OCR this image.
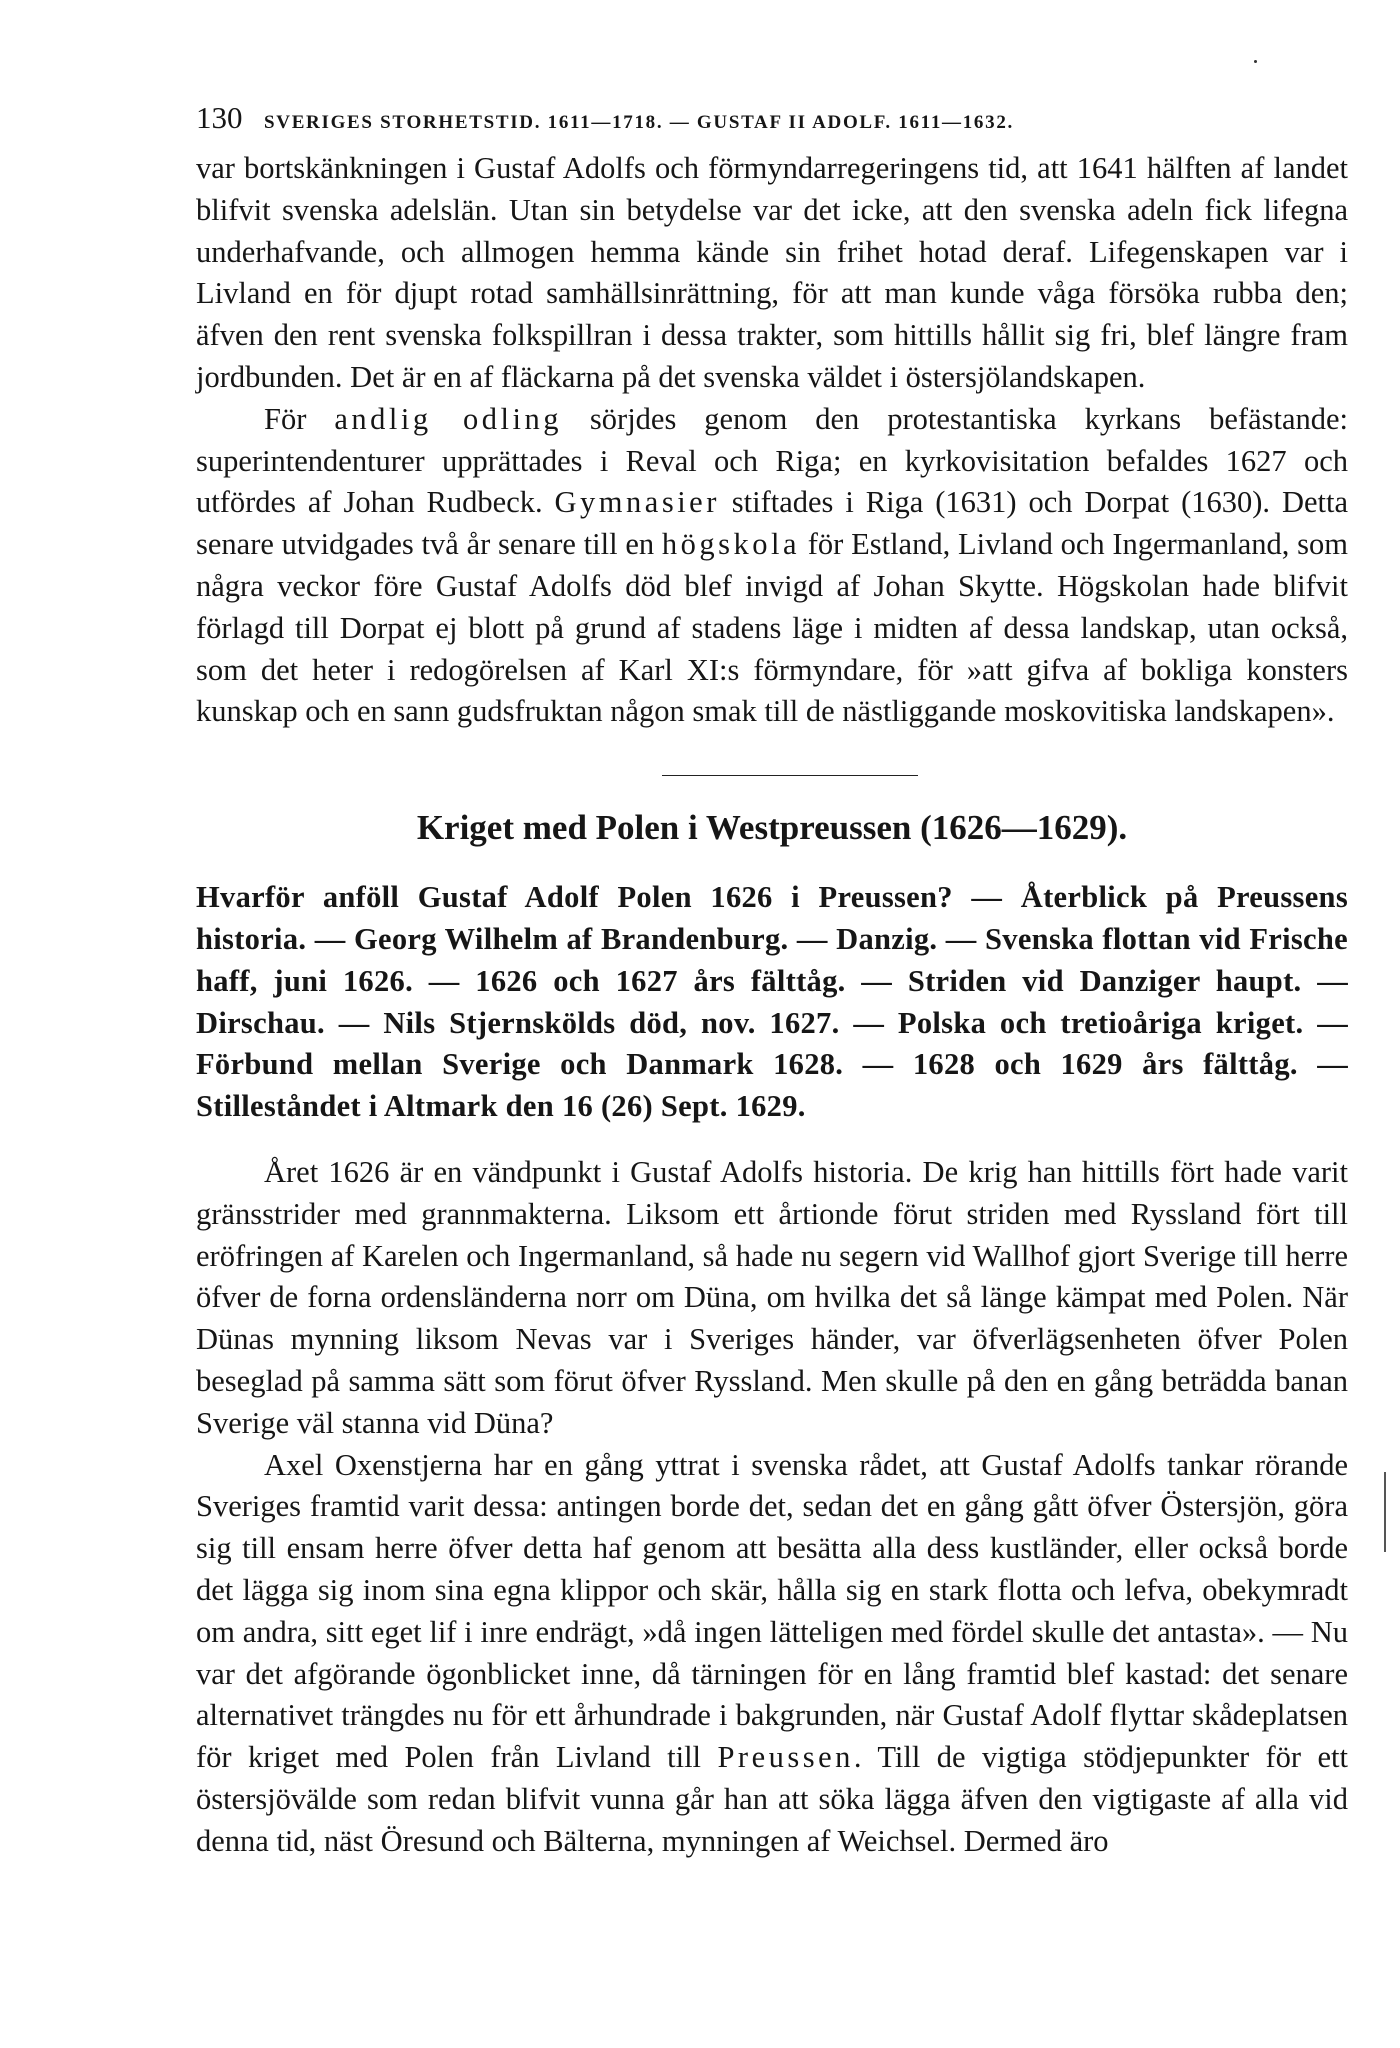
130	SVERIGES STORHETSTID. 1611—1718. — GUSTAF II ADOLF. 1611—1632.

var bortskänkningen i Gustaf Adolfs och förmyndarregeringens tid, att 1641 hälften af landet blifvit svenska adelslän. Utan sin betydelse var det icke, att den svenska adeln fick lifegna underhafvande, och allmogen hemma kände sin frihet hotad deraf. Lifegenskapen var i Livland en för djupt rotad samhällsinrättning, för att man kunde våga försöka rubba den; äfven den rent svenska folkspillran i dessa trakter, som hittills hållit sig fri, blef längre fram jordbunden. Det är en af fläckarna på det svenska väldet i östersjölandskapen.

För andlig odling sörjdes genom den protestantiska kyrkans befästande: superintendenturer upprättades i Reval och Riga; en kyrkovisitation befaldes 1627 och utfördes af Johan Rudbeck. Gymnasier stiftades i Riga (1631) och Dorpat (1630). Detta senare utvidgades två år senare till en högskola för Estland, Livland och Ingermanland, som några veckor före Gustaf Adolfs död blef invigd af Johan Skytte. Högskolan hade blifvit förlagd till Dorpat ej blott på grund af stadens läge i midten af dessa landskap, utan också, som det heter i redogörelsen af Karl XI:s förmyndare, för »att gifva af bokliga konsters kunskap och en sann gudsfruktan någon smak till de nästliggande moskovitiska landskapen».

Kriget med Polen i Westpreussen (1626—1629).

Hvarför anföll Gustaf Adolf Polen 1626 i Preussen? — Återblick på Preussens historia. — Georg Wilhelm af Brandenburg. — Danzig. — Svenska flottan vid Frische haff, juni 1626. — 1626 och 1627 års fälttåg. — Striden vid Danziger haupt. — Dirschau. — Nils Stjernskölds död, nov. 1627. — Polska och tretioåriga kriget. — Förbund mellan Sverige och Danmark 1628. — 1628 och 1629 års fälttåg. — Stilleståndet i Altmark den 16 (26) Sept. 1629.

Året 1626 är en vändpunkt i Gustaf Adolfs historia. De krig han hittills fört hade varit gränsstrider med grannmakterna. Liksom ett årtionde förut striden med Ryssland fört till eröfringen af Karelen och Ingermanland, så hade nu segern vid Wallhof gjort Sverige till herre öfver de forna ordensländerna norr om Düna, om hvilka det så länge kämpat med Polen. När Dünas mynning liksom Nevas var i Sveriges händer, var öfverlägsenheten öfver Polen beseglad på samma sätt som förut öfver Ryssland. Men skulle på den en gång beträdda banan Sverige väl stanna vid Düna?

Axel Oxenstjerna har en gång yttrat i svenska rådet, att Gustaf Adolfs tankar rörande Sveriges framtid varit dessa: antingen borde det, sedan det en gång gått öfver Östersjön, göra sig till ensam herre öfver detta haf genom att besätta alla dess kustländer, eller också borde det lägga sig inom sina egna klippor och skär, hålla sig en stark flotta och lefva, obekymradt om andra, sitt eget lif i inre endrägt, »då ingen lätteligen med fördel skulle det antasta». — Nu var det afgörande ögonblicket inne, då tärningen för en lång framtid blef kastad: det senare alternativet trängdes nu för ett århundrade i bakgrunden, när Gustaf Adolf flyttar skådeplatsen för kriget med Polen från Livland till Preussen. Till de vigtiga stödjepunkter för ett östersjövälde som redan blifvit vunna går han att söka lägga äfven den vigtigaste af alla vid denna tid, näst Öresund och Bälterna, mynningen af Weichsel. Dermed äro
